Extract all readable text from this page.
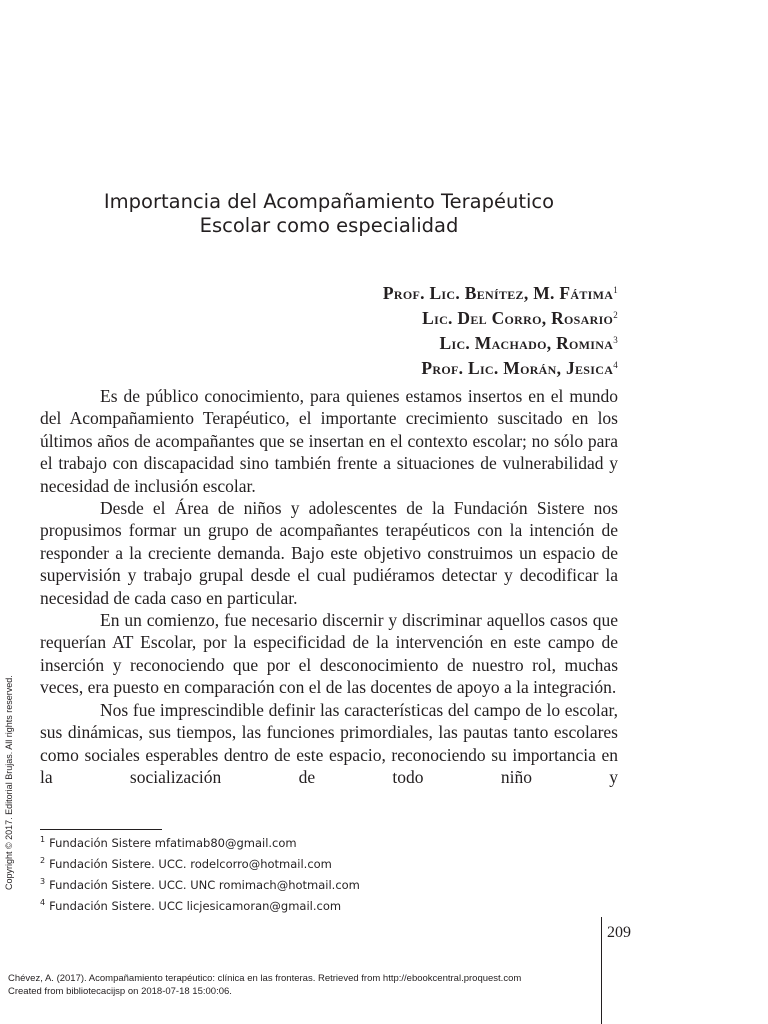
Importancia del Acompañamiento Terapéutico
Escolar como especialidad
Prof. Lic. Benítez, M. Fátima$^1$
Lic. Del Corro, Rosario$^2$
Lic. Machado, Romina$^3$
Prof. Lic. Morán, Jesica$^4$

Es de público conocimiento, para quienes estamos insertos en el mundo del Acompañamiento Terapéutico, el importante crecimiento suscitado en los últimos años de acompañantes que se insertan en el contexto escolar; no sólo para el trabajo con discapacidad sino también frente a situaciones de vulnerabilidad y necesidad de inclusión escolar.

Desde el Área de niños y adolescentes de la Fundación Sistere nos propusimos formar un grupo de acompañantes terapéuticos con la intención de responder a la creciente demanda. Bajo este objetivo construimos un espacio de supervisión y trabajo grupal desde el cual pudiéramos detectar y decodificar la necesidad de cada caso en particular.

En un comienzo, fue necesario discernir y discriminar aquellos casos que requerían AT Escolar, por la especificidad de la intervención en este campo de inserción y reconociendo que por el desconocimiento de nuestro rol, muchas veces, era puesto en comparación con el de las docentes de apoyo a la integración.

Nos fue imprescindible definir las características del campo de lo escolar, sus dinámicas, sus tiempos, las funciones primordiales, las pautas tanto escolares como sociales esperables dentro de este espacio, reconociendo su importancia en la socialización de todo niño y

$^1$ Fundación Sistere mfatimab80@gmail.com
$^2$ Fundación Sistere. UCC. rodelcorro@hotmail.com
$^3$ Fundación Sistere. UCC. UNC romimach@hotmail.com
$^4$ Fundación Sistere. UCC licjesicamoran@gmail.com
Copyright © 2017. Editorial Brujas. All rights reserved.
209
Chévez, A. (2017). Acompañamiento terapéutico: clínica en las fronteras. Retrieved from http://ebookcentral.proquest.com
Created from bibliotecacijsp on 2018-07-18 15:00:06.
